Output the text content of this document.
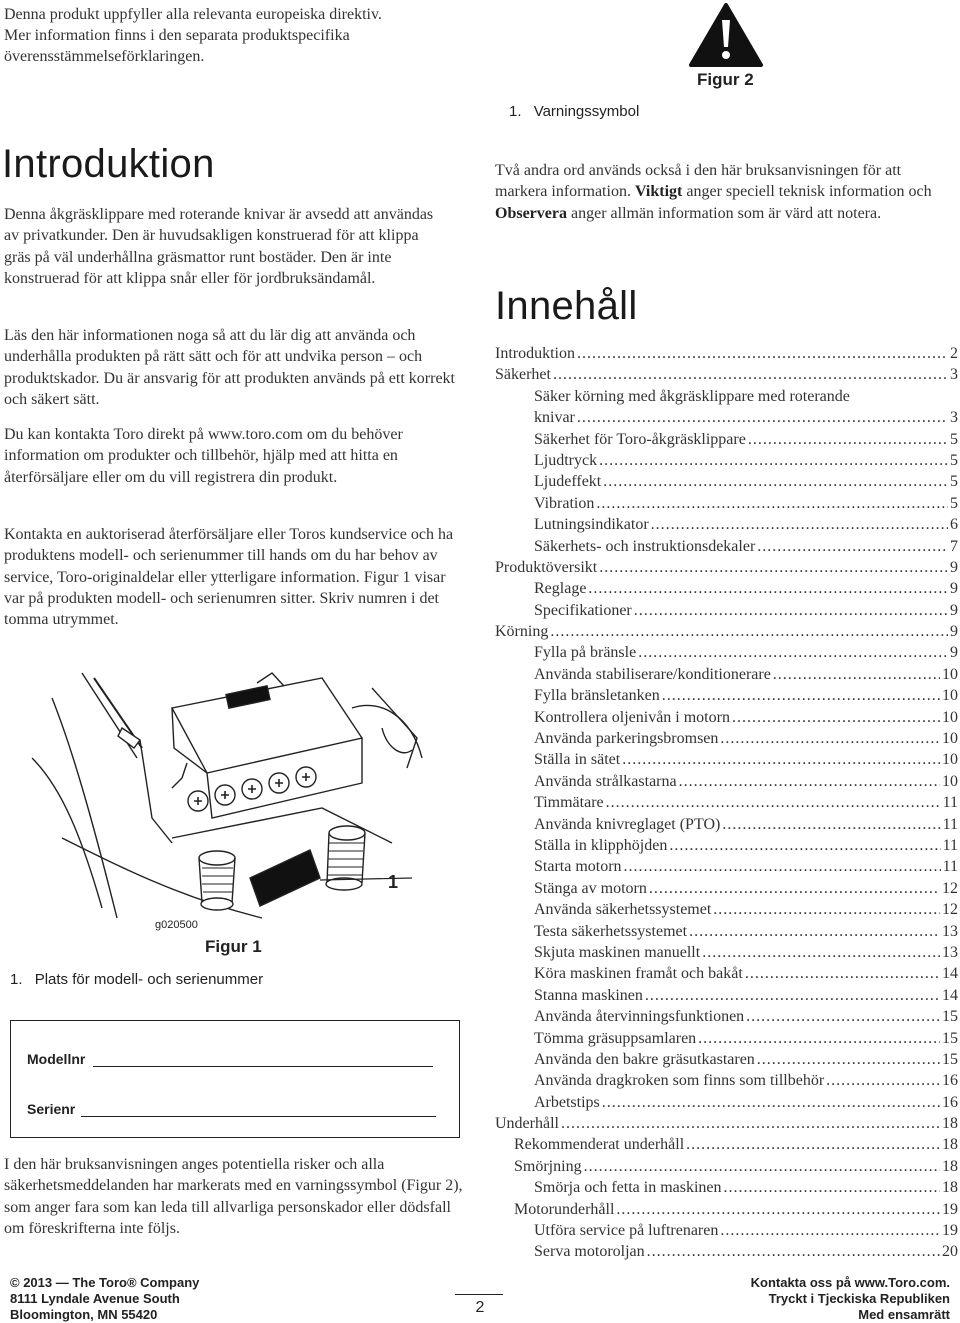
Denna produkt uppfyller alla relevanta europeiska direktiv.
Mer information finns i den separata produktspecifika
överensstämmelseförklaringen.
Figur 2
1. Varningssymbol
Introduktion

Denna åkgräsklippare med roterande knivar är avsedd att användas av privatkunder. Den är huvudsakligen konstruerad för att klippa gräs på väl underhållna gräsmattor runt bostäder. Den är inte konstruerad för att klippa snår eller för jordbruksändamål.

Läs den här informationen noga så att du lär dig att använda och underhålla produkten på rätt sätt och för att undvika person – och produktskador. Du är ansvarig för att produkten används på ett korrekt och säkert sätt.

Du kan kontakta Toro direkt på www.toro.com om du behöver information om produkter och tillbehör, hjälp med att hitta en återförsäljare eller om du vill registrera din produkt.

Kontakta en auktoriserad återförsäljare eller Toros kundservice och ha produktens modell- och serienummer till hands om du har behov av service, Toro-originaldelar eller ytterligare information. Figur 1 visar var på produkten modell- och serienumren sitter. Skriv numren i det tomma utrymmet.

1
g020500
Figur 1
1. Plats för modell- och serienummer
Modellnr
Serienr

I den här bruksanvisningen anges potentiella risker och alla säkerhetsmeddelanden har markerats med en varningssymbol (Figur 2), som anger fara som kan leda till allvarliga personskador eller dödsfall om föreskrifterna inte följs.

Två andra ord används också i den här bruksanvisningen för att markera information. Viktigt anger speciell teknisk information och Observera anger allmän information som är värd att notera.

Innehåll
Introduktion .....	2
Säkerhet .....	3
Säker körning med åkgräsklippare med roterande
knivar .....	3
Säkerhet för Toro-åkgräsklippare .....	5
Ljudtryck .....	5
Ljudeffekt .....	5
Vibration .....	5
Lutningsindikator .....	6
Säkerhets- och instruktionsdekaler .....	7
Produktöversikt .....	9
Reglage .....	9
Specifikationer .....	9
Körning .....	9
Fylla på bränsle .....	9
Använda stabiliserare/konditionerare .....	10
Fylla bränsletanken .....	10
Kontrollera oljenivån i motorn .....	10
Använda parkeringsbromsen .....	10
Ställa in sätet .....	10
Använda strålkastarna .....	10
Timmätare .....	11
Använda knivreglaget (PTO) .....	11
Ställa in klipphöjden .....	11
Starta motorn .....	11
Stänga av motorn .....	12
Använda säkerhetssystemet .....	12
Testa säkerhetssystemet .....	13
Skjuta maskinen manuellt .....	13
Köra maskinen framåt och bakåt .....	14
Stanna maskinen .....	14
Använda återvinningsfunktionen .....	15
Tömma gräsuppsamlaren .....	15
Använda den bakre gräsutkastaren .....	15
Använda dragkroken som finns som tillbehör .....	16
Arbetstips .....	16
Underhåll .....	18
Rekommenderat underhåll .....	18
Smörjning .....	18
Smörja och fetta in maskinen .....	18
Motorunderhåll .....	19
Utföra service på luftrenaren .....	19
Serva motoroljan .....	20
© 2013 — The Toro® Company
8111 Lyndale Avenue South
Bloomington, MN 55420	2
Kontakta oss på www.Toro.com.
Tryckt i Tjeckiska Republiken
Med ensamrätt
